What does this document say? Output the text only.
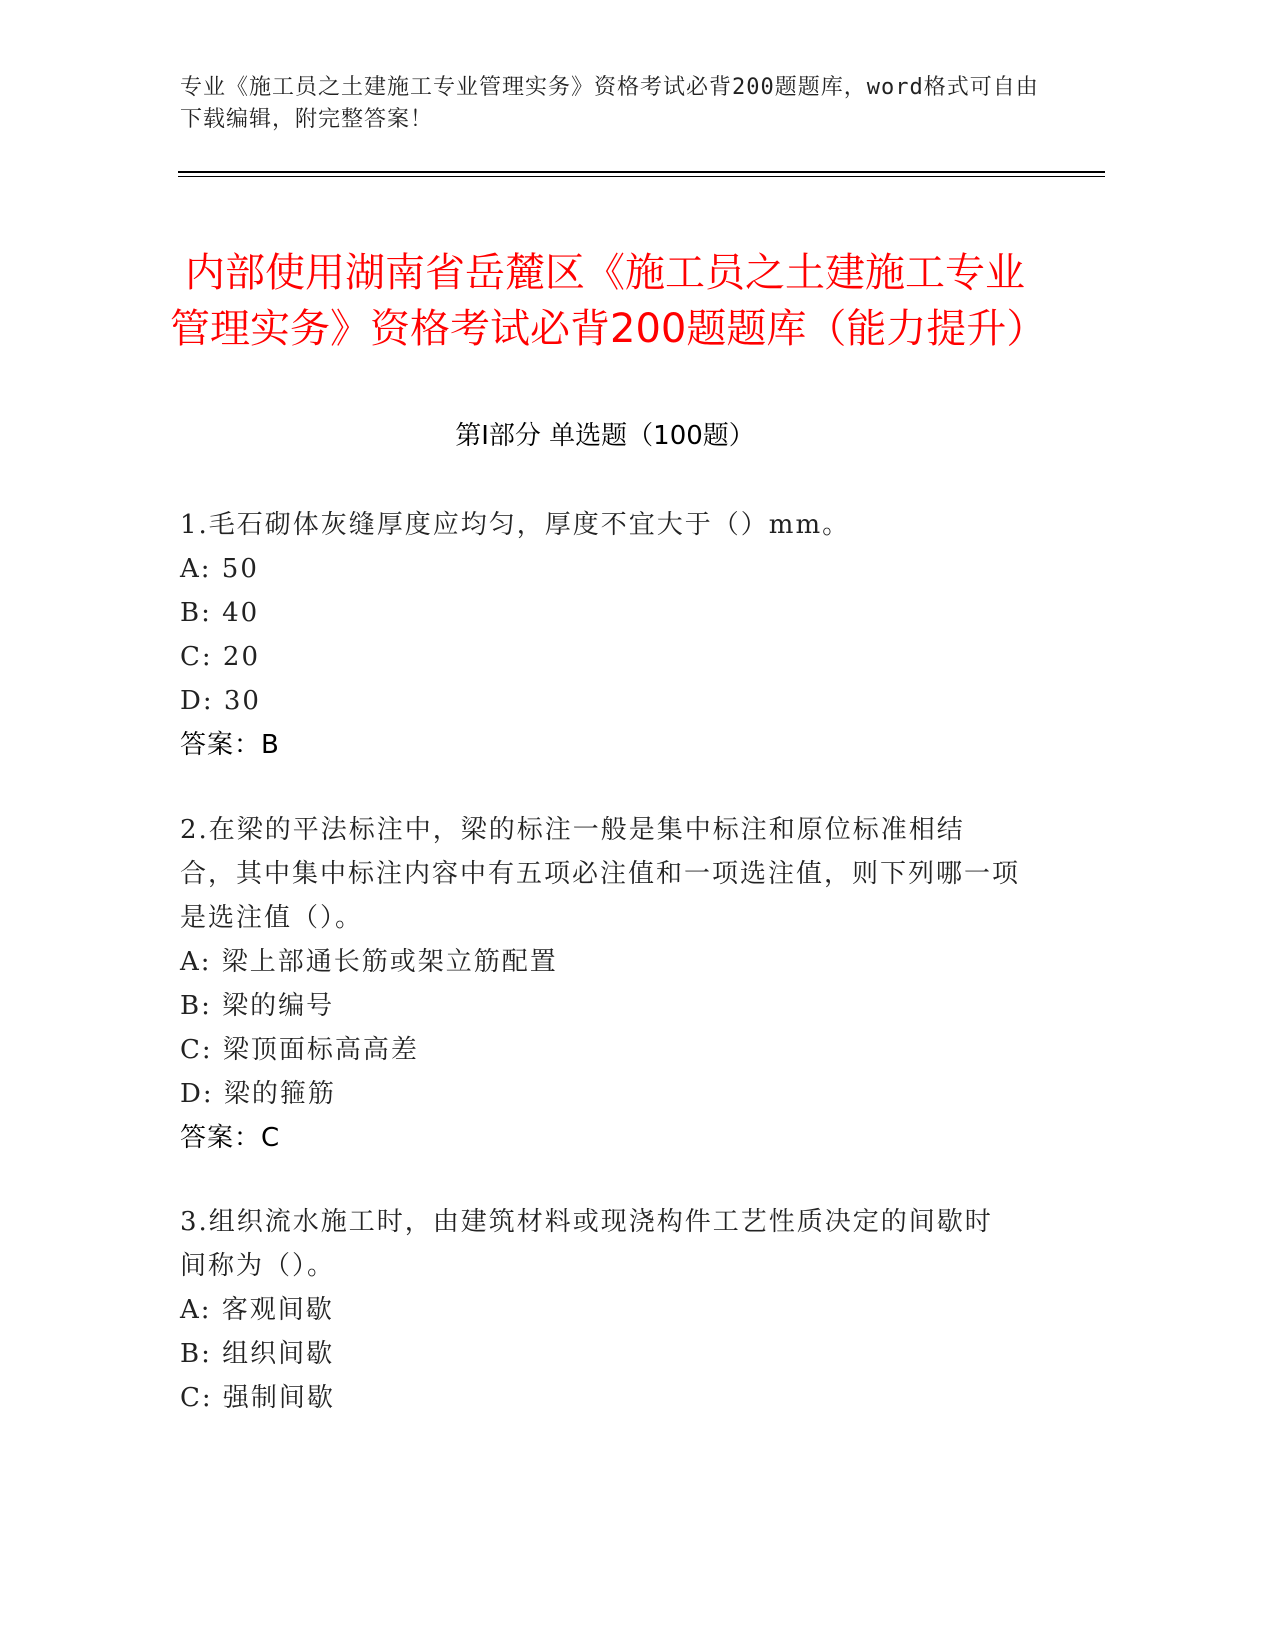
专业《施工员之土建施工专业管理实务》资格考试必背200题题库，word格式可自由下载编辑，附完整答案！
内部使用湖南省岳麓区《施工员之土建施工专业管理实务》资格考试必背200题题库（能力提升）
第Ⅰ部分 单选题（100题）

1.毛石砌体灰缝厚度应均匀，厚度不宜大于（）mm。

A: 50

B: 40

C: 20

D: 30

答案：B

2.在梁的平法标注中，梁的标注一般是集中标注和原位标准相结合，其中集中标注内容中有五项必注值和一项选注值，则下列哪一项是选注值（）。

A: 梁上部通长筋或架立筋配置

B: 梁的编号

C: 梁顶面标高高差

D: 梁的箍筋

答案：C

3.组织流水施工时，由建筑材料或现浇构件工艺性质决定的间歇时间称为（）。

A: 客观间歇

B: 组织间歇

C: 强制间歇
